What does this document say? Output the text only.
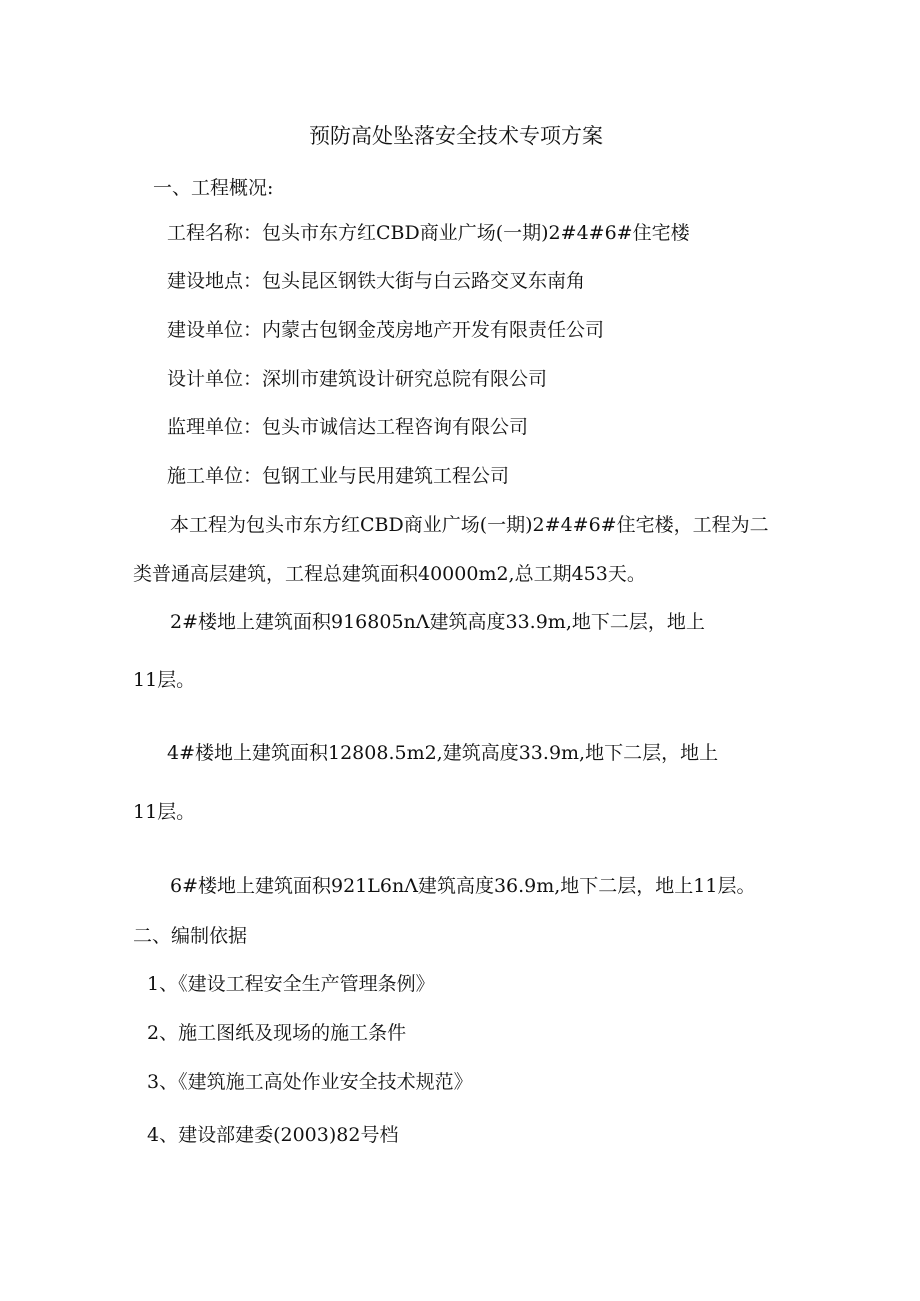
预防高处坠落安全技术专项方案
一、工程概况:
工程名称：包头市东方红CBD商业广场(一期)2#4#6#住宅楼
建设地点：包头昆区钢铁大街与白云路交叉东南角
建设单位：内蒙古包钢金茂房地产开发有限责任公司
设计单位：深圳市建筑设计研究总院有限公司
监理单位：包头市诚信达工程咨询有限公司
施工单位：包钢工业与民用建筑工程公司
本工程为包头市东方红CBD商业广场(一期)2#4#6#住宅楼，工程为二
类普通高层建筑，工程总建筑面积40000m2,总工期453天。
2#楼地上建筑面积916805nΛ建筑高度33.9m,地下二层，地上
11层。
4#楼地上建筑面积12808.5m2,建筑高度33.9m,地下二层，地上
11层。
6#楼地上建筑面积921L6nΛ建筑高度36.9m,地下二层，地上11层。
二、编制依据
1、《建设工程安全生产管理条例》
2、施工图纸及现场的施工条件
3、《建筑施工高处作业安全技术规范》
4、建设部建委(2003)82号档
